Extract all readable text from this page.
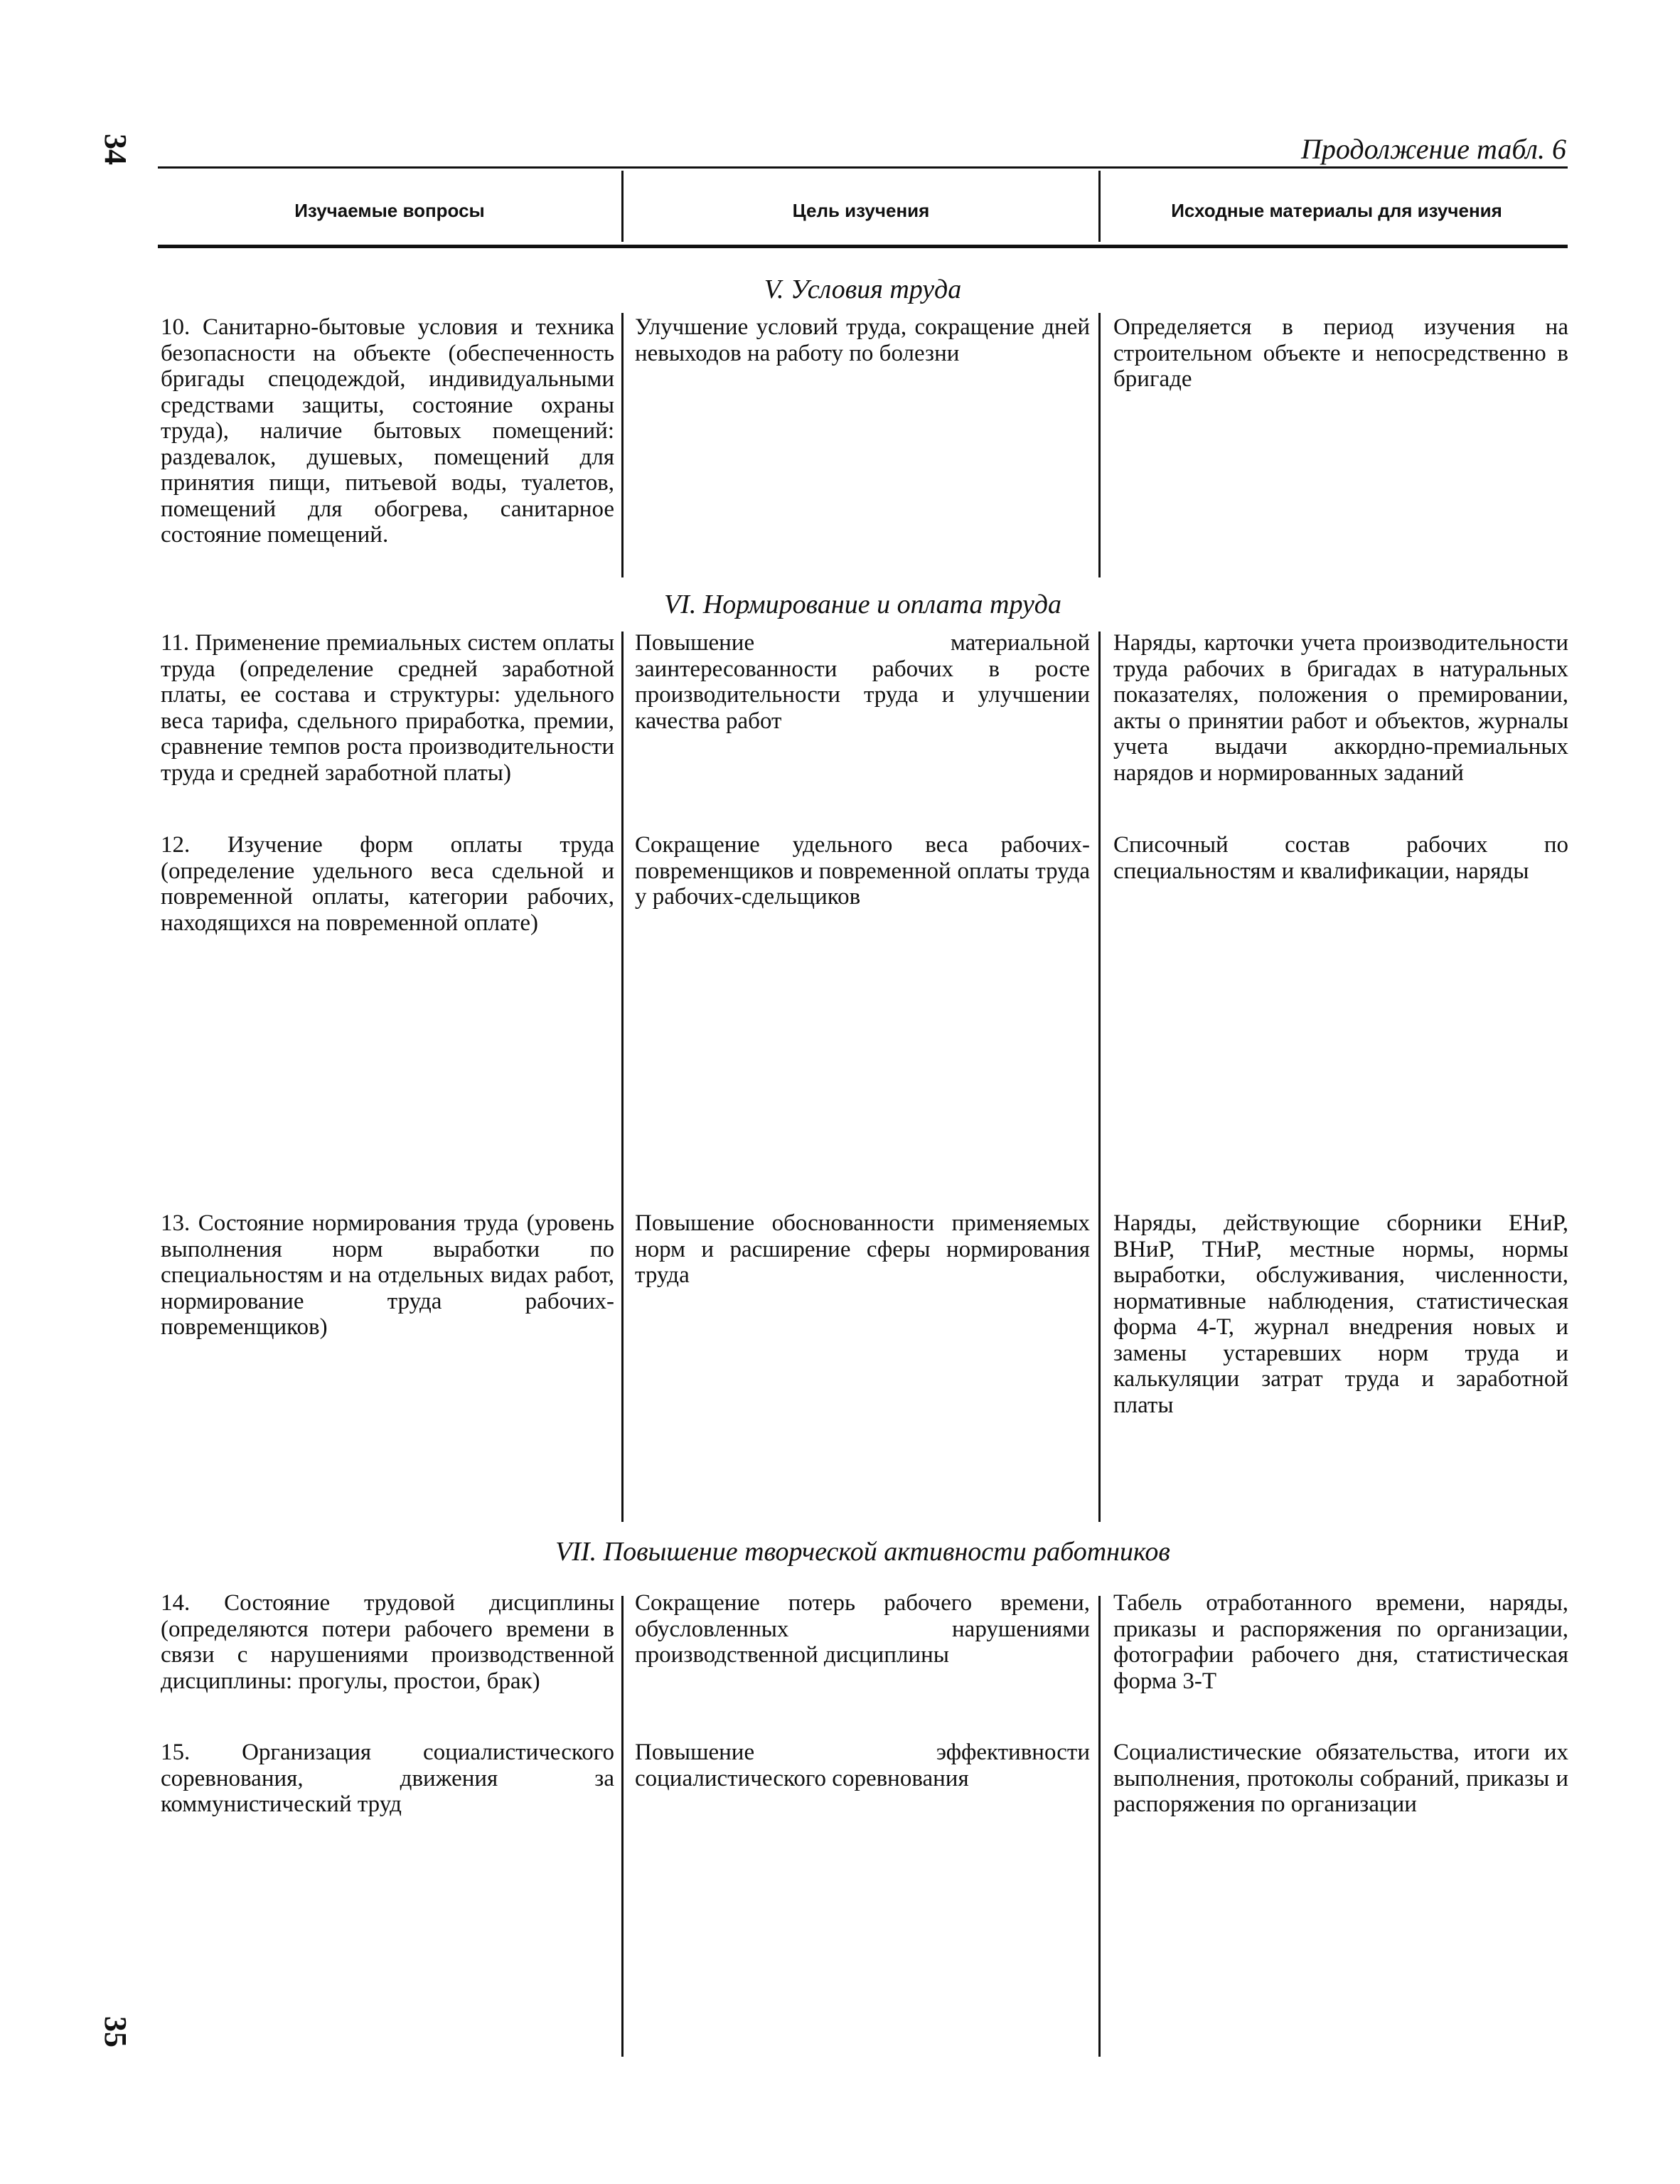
34
35
Продолжение табл. 6
Изучаемые вопросы	Цель изучения	Исходные материалы для изучения
V. Условия труда
10. Санитарно-бытовые условия и техника безопасности на объекте (обеспеченность бригады спецодеждой, индивидуальными средствами защиты, состояние охраны труда), наличие бытовых помещений: раздевалок, душевых, помещений для принятия пищи, питьевой воды, туалетов, помещений для обогрева, санитарное состояние помещений.
Улучшение условий труда, сокращение дней невыходов на работу по болезни
Определяется в период изучения на строительном объекте и непосредственно в бригаде
VI. Нормирование и оплата труда
11. Применение премиальных систем оплаты труда (определение средней заработной платы, ее состава и структуры: удельного веса тарифа, сдельного приработка, премии, сравнение темпов роста производительности труда и средней заработной платы)
Повышение материальной заинтересованности рабочих в росте производительности труда и улучшении качества работ
Наряды, карточки учета производительности труда рабочих в бригадах в натуральных показателях, положения о премировании, акты о принятии работ и объектов, журналы учета выдачи аккордно-премиальных нарядов и нормированных заданий
12. Изучение форм оплаты труда (определение удельного веса сдельной и повременной оплаты, категории рабочих, находящихся на повременной оплате)
Сокращение удельного веса рабочих-повременщиков и повременной оплаты труда у рабочих-сдельщиков
Списочный состав рабочих по специальностям и квалификации, наряды
13. Состояние нормирования труда (уровень выполнения норм выработки по специальностям и на отдельных видах работ, нормирование труда рабочих-повременщиков)
Повышение обоснованности применяемых норм и расширение сферы нормирования труда
Наряды, действующие сборники ЕНиР, ВНиР, ТНиР, местные нормы, нормы выработки, обслуживания, численности, нормативные наблюдения, статистическая форма 4-Т, журнал внедрения новых и замены устаревших норм труда и калькуляции затрат труда и заработной платы
VII. Повышение творческой активности работников
14. Состояние трудовой дисциплины (определяются потери рабочего времени в связи с нарушениями производственной дисциплины: прогулы, простои, брак)
Сокращение потерь рабочего времени, обусловленных нарушениями производственной дисциплины
Табель отработанного времени, наряды, приказы и распоряжения по организации, фотографии рабочего дня, статистическая форма 3-Т
15. Организация социалистического соревнования, движения за коммунистический труд
Повышение эффективности социалистического соревнования
Социалистические обязательства, итоги их выполнения, протоколы собраний, приказы и распоряжения по организации
